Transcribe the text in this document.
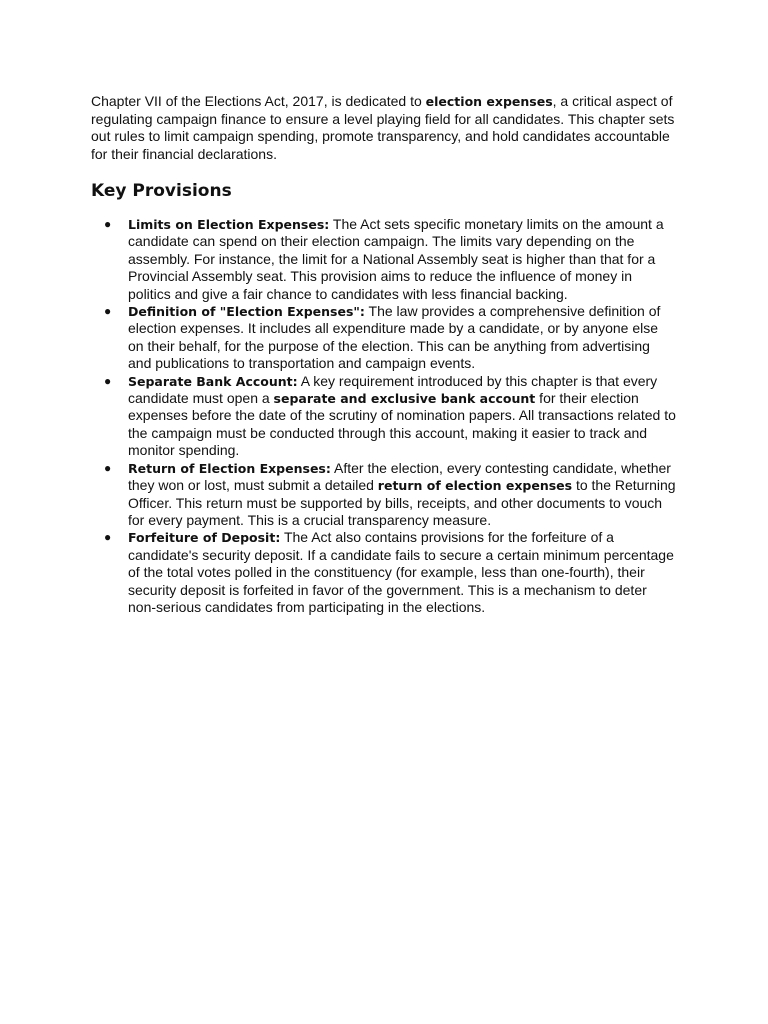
Chapter VII of the Elections Act, 2017, is dedicated to election expenses, a critical aspect of regulating campaign finance to ensure a level playing field for all candidates. This chapter sets out rules to limit campaign spending, promote transparency, and hold candidates accountable for their financial declarations.

Key Provisions
● Limits on Election Expenses: The Act sets specific monetary limits on the amount a candidate can spend on their election campaign. The limits vary depending on the assembly. For instance, the limit for a National Assembly seat is higher than that for a Provincial Assembly seat. This provision aims to reduce the influence of money in politics and give a fair chance to candidates with less financial backing.
● Definition of "Election Expenses": The law provides a comprehensive definition of election expenses. It includes all expenditure made by a candidate, or by anyone else on their behalf, for the purpose of the election. This can be anything from advertising and publications to transportation and campaign events.
● Separate Bank Account: A key requirement introduced by this chapter is that every candidate must open a separate and exclusive bank account for their election expenses before the date of the scrutiny of nomination papers. All transactions related to the campaign must be conducted through this account, making it easier to track and monitor spending.
● Return of Election Expenses: After the election, every contesting candidate, whether they won or lost, must submit a detailed return of election expenses to the Returning Officer. This return must be supported by bills, receipts, and other documents to vouch for every payment. This is a crucial transparency measure.
● Forfeiture of Deposit: The Act also contains provisions for the forfeiture of a candidate's security deposit. If a candidate fails to secure a certain minimum percentage of the total votes polled in the constituency (for example, less than one-fourth), their security deposit is forfeited in favor of the government. This is a mechanism to deter non-serious candidates from participating in the elections.
